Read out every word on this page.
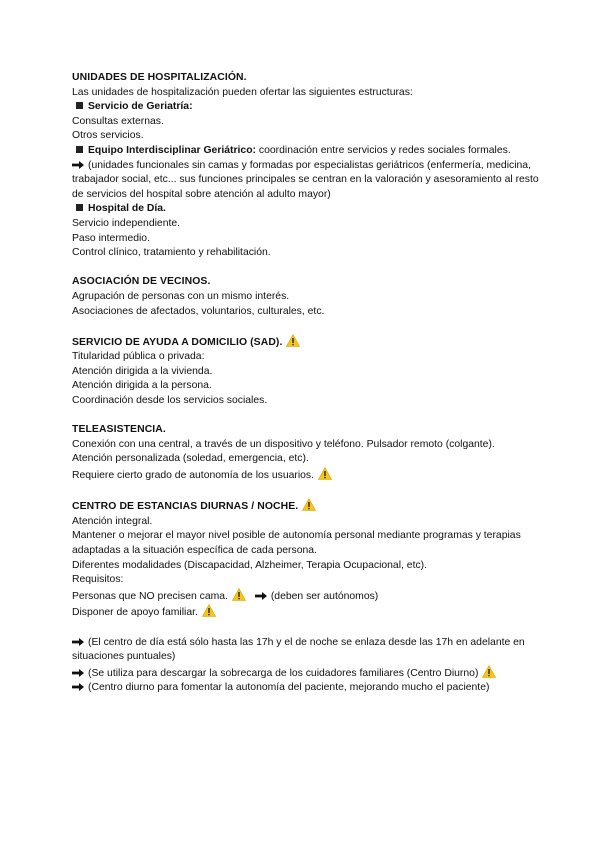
UNIDADES DE HOSPITALIZACIÓN.
Las unidades de hospitalización pueden ofertar las siguientes estructuras:
Servicio de Geriatría:
Consultas externas.
Otros servicios.
Equipo Interdisciplinar Geriátrico: coordinación entre servicios y redes sociales formales.
(unidades funcionales sin camas y formadas por especialistas geriátricos (enfermería, medicina, trabajador social, etc... sus funciones principales se centran en la valoración y asesoramiento al resto de servicios del hospital sobre atención al adulto mayor)
Hospital de Día.
Servicio independiente.
Paso intermedio.
Control clínico, tratamiento y rehabilitación.
ASOCIACIÓN DE VECINOS.
Agrupación de personas con un mismo interés.
Asociaciones de afectados, voluntarios, culturales, etc.
SERVICIO DE AYUDA A DOMICILIO (SAD).
Titularidad pública o privada:
Atención dirigida a la vivienda.
Atención dirigida a la persona.
Coordinación desde los servicios sociales.
TELEASISTENCIA.
Conexión con una central, a través de un dispositivo y teléfono. Pulsador remoto (colgante).
Atención personalizada (soledad, emergencia, etc).
Requiere cierto grado de autonomía de los usuarios.
CENTRO DE ESTANCIAS DIURNAS / NOCHE.
Atención integral.
Mantener o mejorar el mayor nivel posible de autonomía personal mediante programas y terapias adaptadas a la situación específica de cada persona.
Diferentes modalidades (Discapacidad, Alzheimer, Terapia Ocupacional, etc).
Requisitos:
Personas que NO precisen cama.	(deben ser autónomos)
Disponer de apoyo familiar.
(El centro de día está sólo hasta las 17h y el de noche se enlaza desde las 17h en adelante en situaciones puntuales)
(Se utiliza para descargar la sobrecarga de los cuidadores familiares (Centro Diurno)
(Centro diurno para fomentar la autonomía del paciente, mejorando mucho el paciente)
